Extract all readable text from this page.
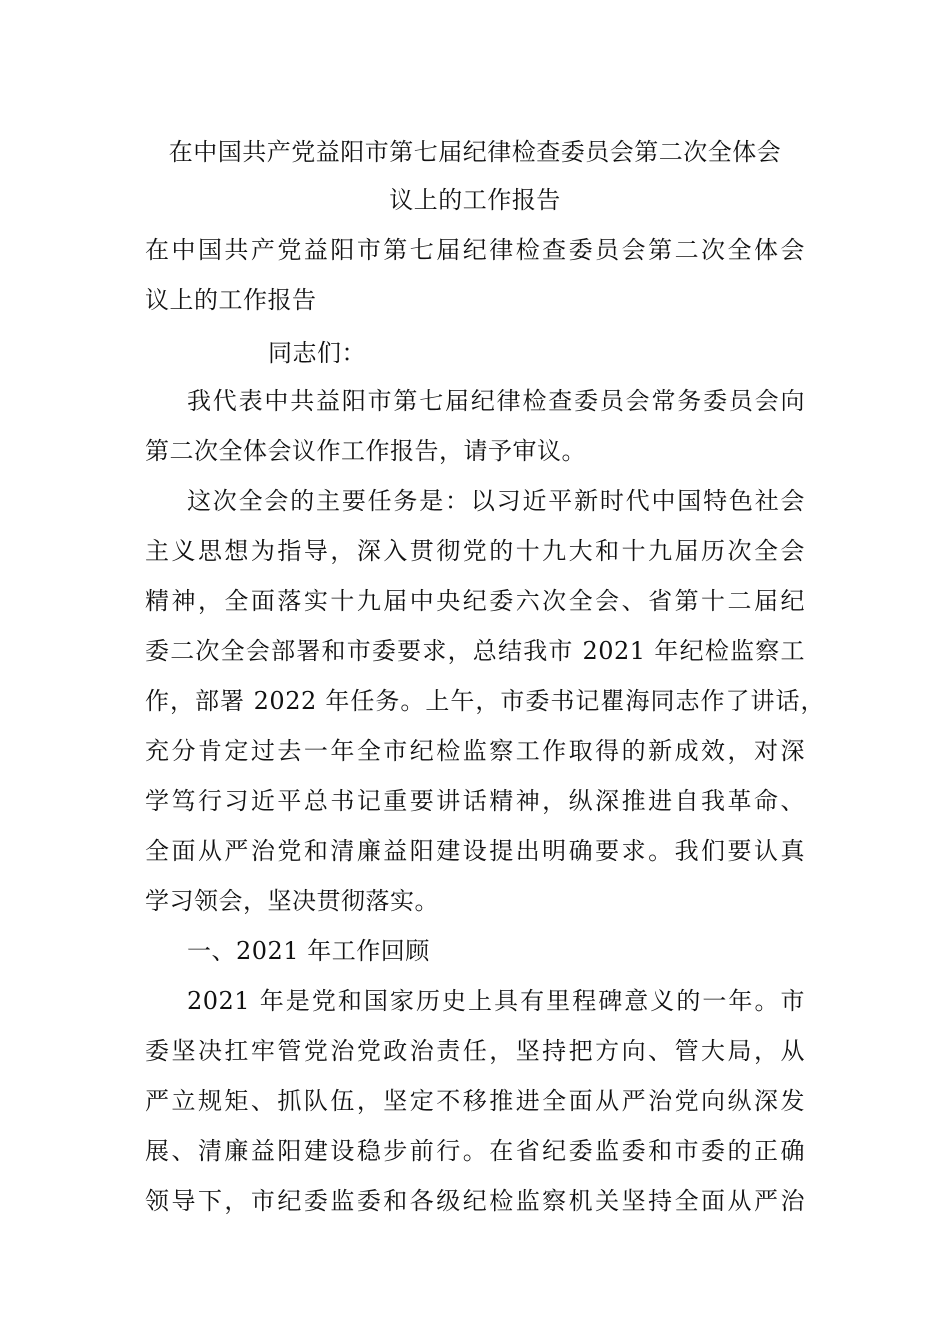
在中国共产党益阳市第七届纪律检查委员会第二次全体会
议上的工作报告
在中国共产党益阳市第七届纪律检查委员会第二次全体会
议上的工作报告
同志们：
我代表中共益阳市第七届纪律检查委员会常务委员会向
第二次全体会议作工作报告，请予审议。
这次全会的主要任务是：以习近平新时代中国特色社会
主义思想为指导，深入贯彻党的十九大和十九届历次全会
精神，全面落实十九届中央纪委六次全会、省第十二届纪
委二次全会部署和市委要求，总结我市 2021 年纪检监察工
作，部署 2022 年任务。上午，市委书记瞿海同志作了讲话，
充分肯定过去一年全市纪检监察工作取得的新成效，对深
学笃行习近平总书记重要讲话精神，纵深推进自我革命、
全面从严治党和清廉益阳建设提出明确要求。我们要认真
学习领会，坚决贯彻落实。
一、2021 年工作回顾
2021 年是党和国家历史上具有里程碑意义的一年。市
委坚决扛牢管党治党政治责任，坚持把方向、管大局，从
严立规矩、抓队伍，坚定不移推进全面从严治党向纵深发
展、清廉益阳建设稳步前行。在省纪委监委和市委的正确
领导下，市纪委监委和各级纪检监察机关坚持全面从严治
